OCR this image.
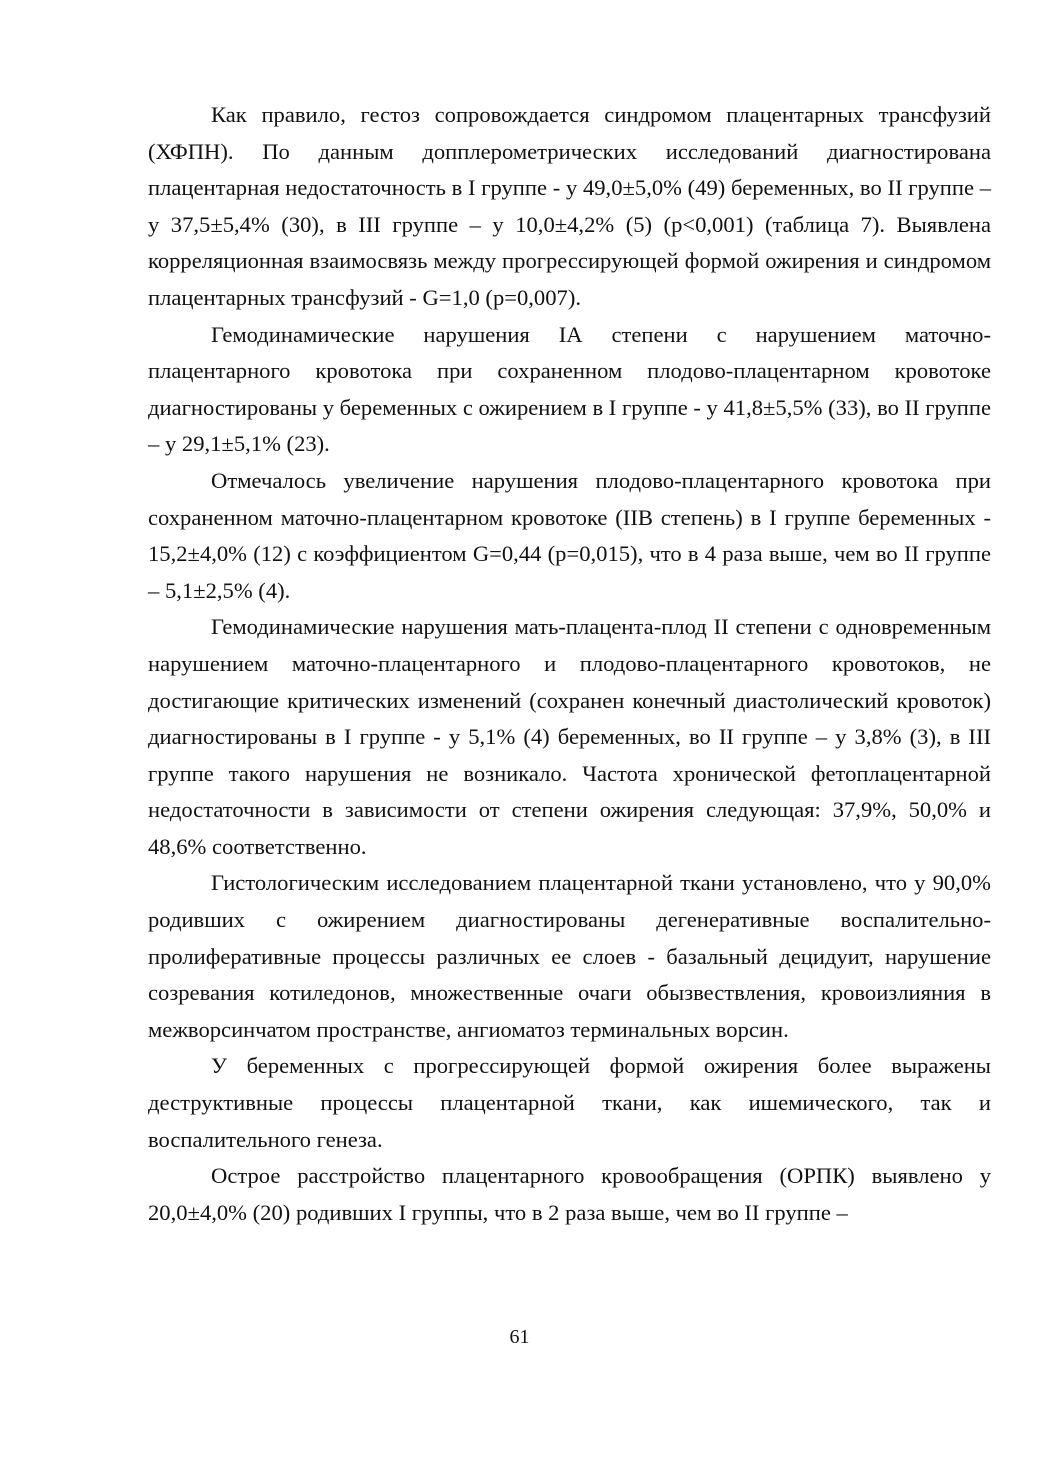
Как правило, гестоз сопровождается синдромом плацентарных трансфузий (ХФПН). По данным допплерометрических исследований диагностирована плацентарная недостаточность в I группе - у 49,0±5,0% (49) беременных, во II группе – у 37,5±5,4% (30), в III группе – у 10,0±4,2% (5) (р<0,001) (таблица 7). Выявлена корреляционная взаимосвязь между прогрессирующей формой ожирения и синдромом плацентарных трансфузий - G=1,0 (р=0,007).

Гемодинамические нарушения IА степени с нарушением маточно-плацентарного кровотока при сохраненном плодово-плацентарном кровотоке диагностированы у беременных с ожирением в I группе - у 41,8±5,5% (33), во II группе – у 29,1±5,1% (23).

Отмечалось увеличение нарушения плодово-плацентарного кровотока при сохраненном маточно-плацентарном кровотоке (IIВ степень) в I группе беременных - 15,2±4,0% (12) с коэффициентом G=0,44 (р=0,015), что в 4 раза выше, чем во II группе – 5,1±2,5% (4).

Гемодинамические нарушения мать-плацента-плод II степени с одновременным нарушением маточно-плацентарного и плодово-плацентарного кровотоков, не достигающие критических изменений (сохранен конечный диастолический кровоток) диагностированы в I группе - у 5,1% (4) беременных, во II группе – у 3,8% (3), в III группе такого нарушения не возникало. Частота хронической фетоплацентарной недостаточности в зависимости от степени ожирения следующая: 37,9%, 50,0% и 48,6% соответственно.

Гистологическим исследованием плацентарной ткани установлено, что у 90,0% родивших с ожирением диагностированы дегенеративные воспалительно-пролиферативные процессы различных ее слоев - базальный децидуит, нарушение созревания котиледонов, множественные очаги обызвествления, кровоизлияния в межворсинчатом пространстве, ангиоматоз терминальных ворсин.

У беременных с прогрессирующей формой ожирения более выражены деструктивные процессы плацентарной ткани, как ишемического, так и воспалительного генеза.

Острое расстройство плацентарного кровообращения (ОРПК) выявлено у 20,0±4,0% (20) родивших I группы, что в 2 раза выше, чем во II группе –

61
